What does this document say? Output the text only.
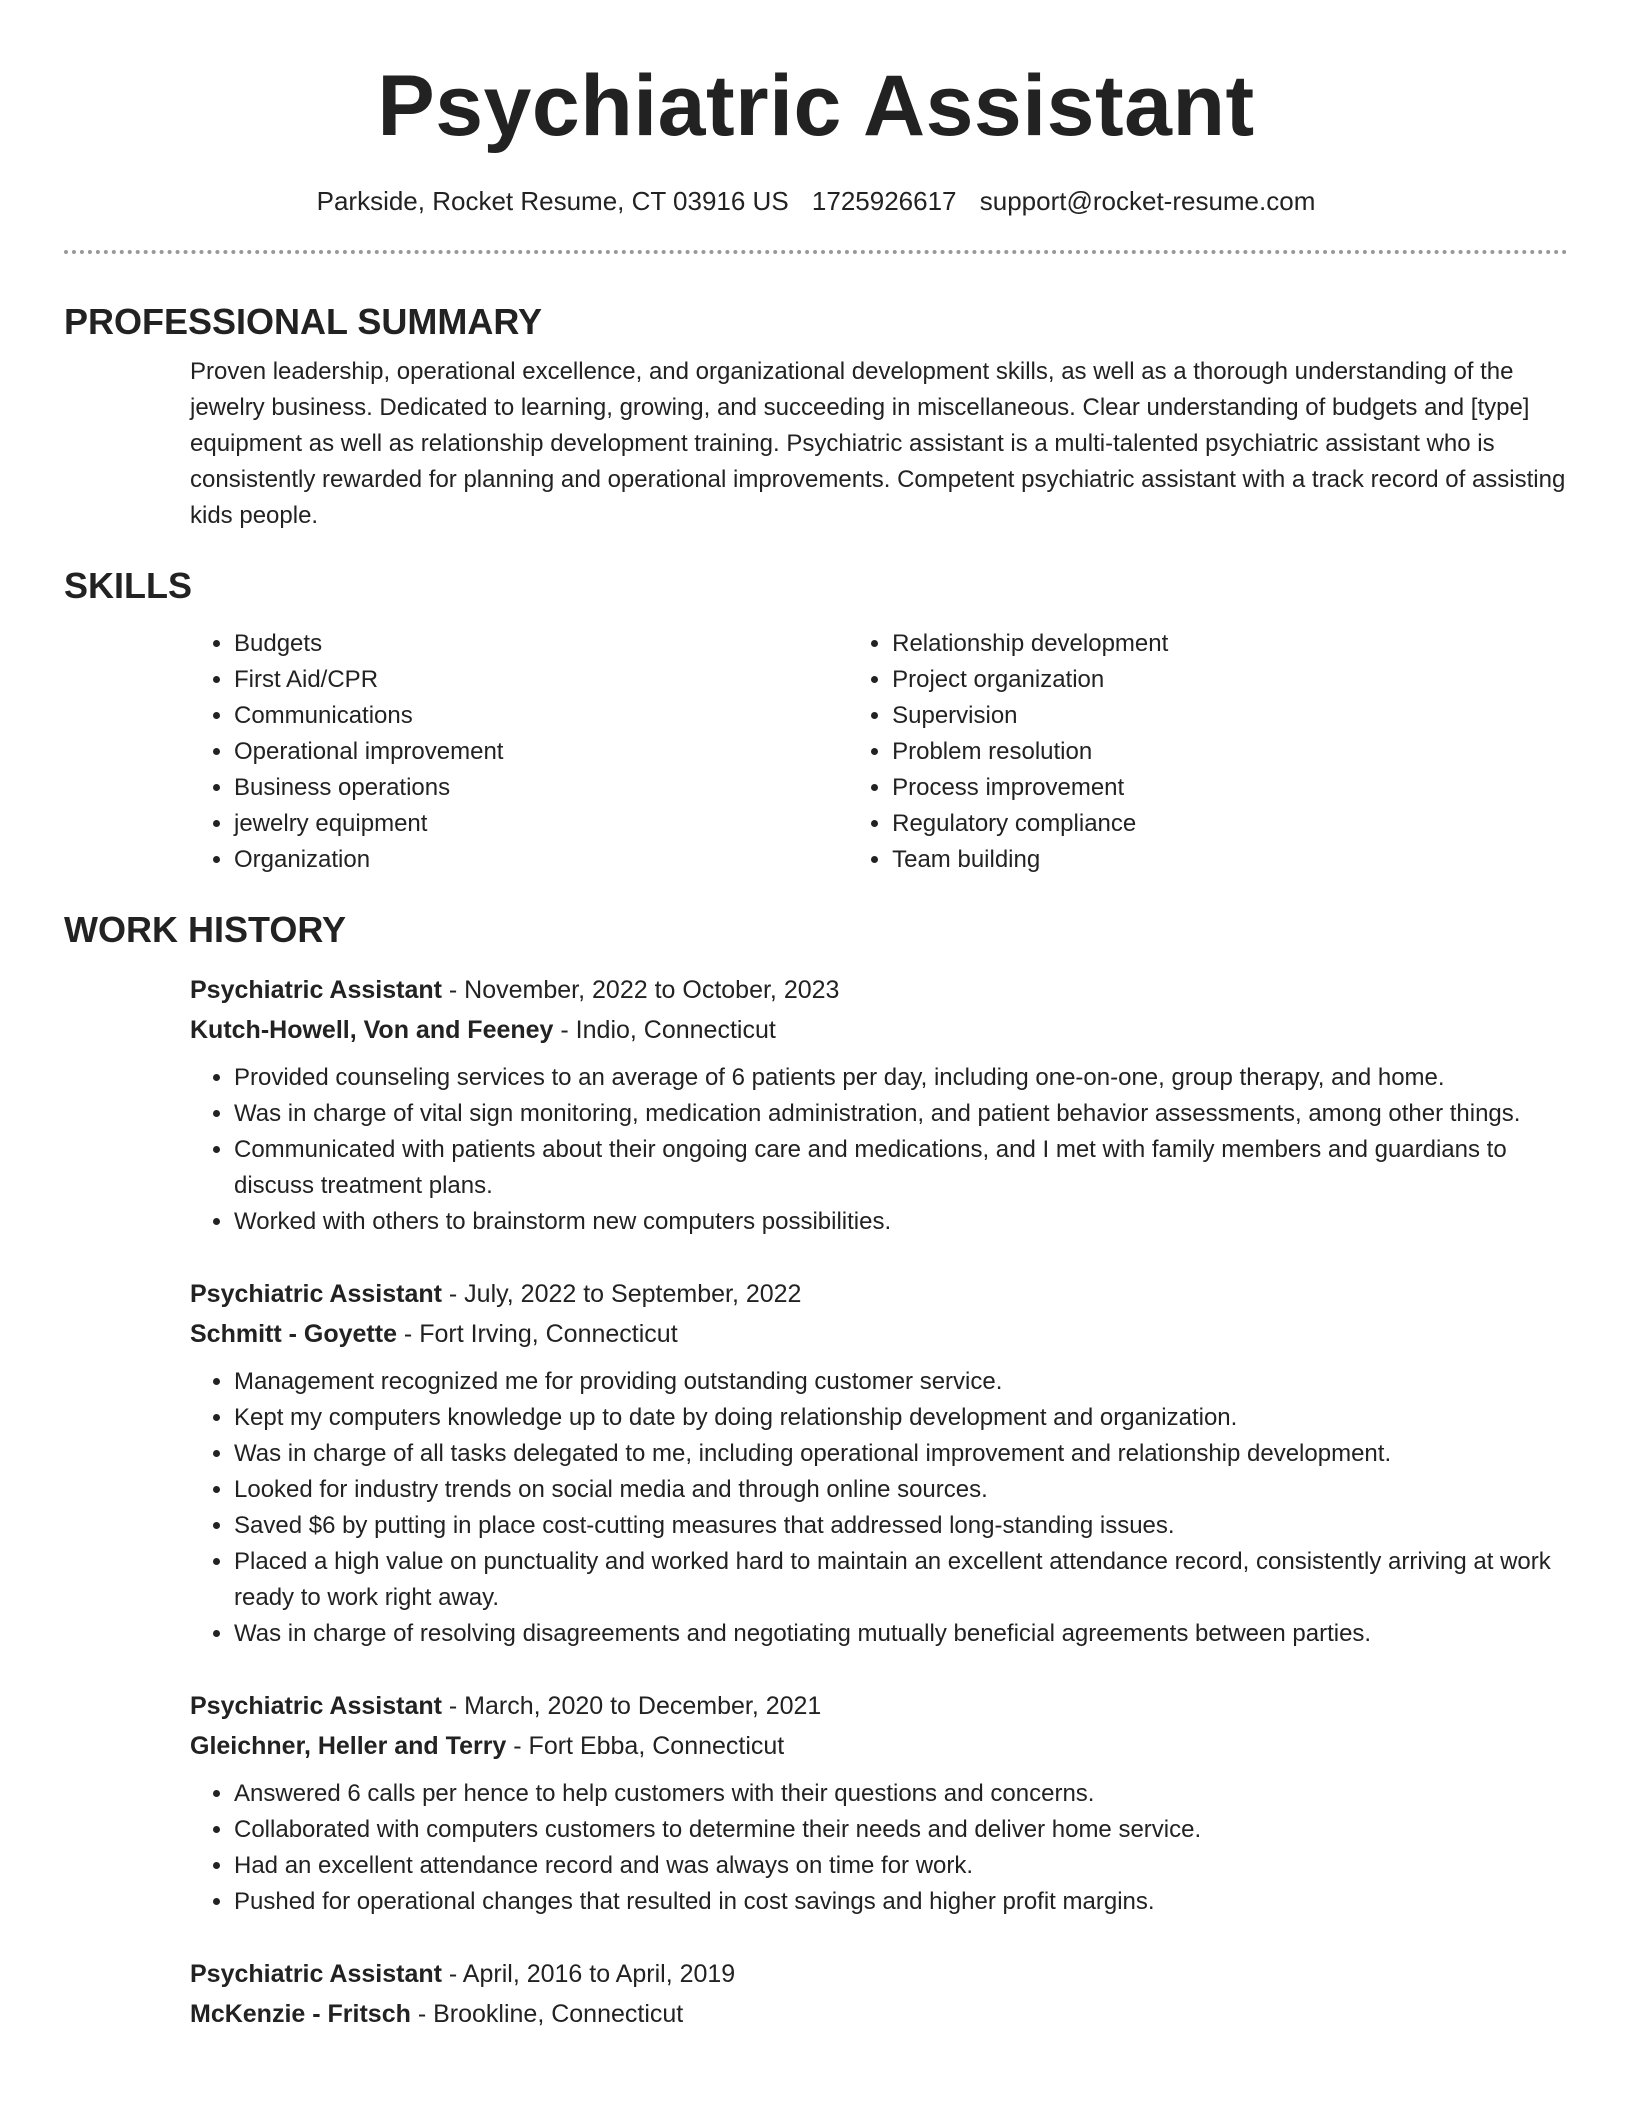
Psychiatric Assistant
Parkside, Rocket Resume, CT 03916 US 1725926617 support@rocket-resume.com
PROFESSIONAL SUMMARY
Proven leadership, operational excellence, and organizational development skills, as well as a thorough understanding of the jewelry business. Dedicated to learning, growing, and succeeding in miscellaneous. Clear understanding of budgets and [type] equipment as well as relationship development training. Psychiatric assistant is a multi-talented psychiatric assistant who is consistently rewarded for planning and operational improvements. Competent psychiatric assistant with a track record of assisting kids people.
SKILLS
• Budgets
• First Aid/CPR
• Communications
• Operational improvement
• Business operations
• jewelry equipment
• Organization
• Relationship development
• Project organization
• Supervision
• Problem resolution
• Process improvement
• Regulatory compliance
• Team building
WORK HISTORY
Psychiatric Assistant - November, 2022 to October, 2023
Kutch-Howell, Von and Feeney - Indio, Connecticut
• Provided counseling services to an average of 6 patients per day, including one-on-one, group therapy, and home.
• Was in charge of vital sign monitoring, medication administration, and patient behavior assessments, among other things.
• Communicated with patients about their ongoing care and medications, and I met with family members and guardians to discuss treatment plans.
• Worked with others to brainstorm new computers possibilities.
Psychiatric Assistant - July, 2022 to September, 2022
Schmitt - Goyette - Fort Irving, Connecticut
• Management recognized me for providing outstanding customer service.
• Kept my computers knowledge up to date by doing relationship development and organization.
• Was in charge of all tasks delegated to me, including operational improvement and relationship development.
• Looked for industry trends on social media and through online sources.
• Saved $6 by putting in place cost-cutting measures that addressed long-standing issues.
• Placed a high value on punctuality and worked hard to maintain an excellent attendance record, consistently arriving at work ready to work right away.
• Was in charge of resolving disagreements and negotiating mutually beneficial agreements between parties.
Psychiatric Assistant - March, 2020 to December, 2021
Gleichner, Heller and Terry - Fort Ebba, Connecticut
• Answered 6 calls per hence to help customers with their questions and concerns.
• Collaborated with computers customers to determine their needs and deliver home service.
• Had an excellent attendance record and was always on time for work.
• Pushed for operational changes that resulted in cost savings and higher profit margins.
Psychiatric Assistant - April, 2016 to April, 2019
McKenzie - Fritsch - Brookline, Connecticut
